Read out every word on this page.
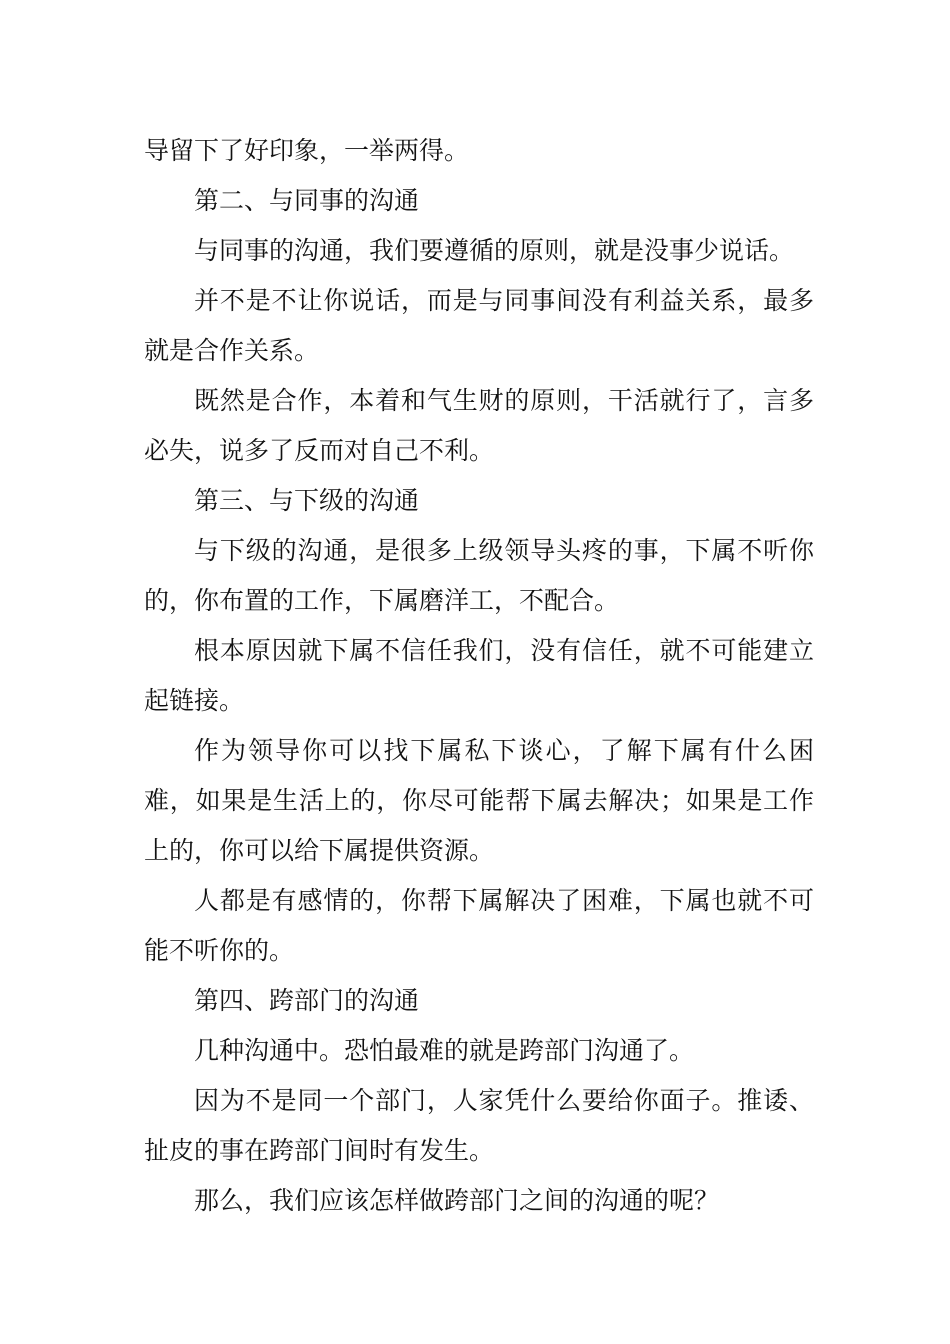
导留下了好印象，一举两得。

第二、与同事的沟通

与同事的沟通，我们要遵循的原则，就是没事少说话。

并不是不让你说话，而是与同事间没有利益关系，最多就是合作关系。

既然是合作，本着和气生财的原则，干活就行了，言多必失，说多了反而对自己不利。

第三、与下级的沟通

与下级的沟通，是很多上级领导头疼的事，下属不听你的，你布置的工作，下属磨洋工，不配合。

根本原因就下属不信任我们，没有信任，就不可能建立起链接。

作为领导你可以找下属私下谈心，了解下属有什么困难，如果是生活上的，你尽可能帮下属去解决；如果是工作上的，你可以给下属提供资源。

人都是有感情的，你帮下属解决了困难，下属也就不可能不听你的。

第四、跨部门的沟通

几种沟通中。恐怕最难的就是跨部门沟通了。

因为不是同一个部门，人家凭什么要给你面子。推诿、扯皮的事在跨部门间时有发生。

那么，我们应该怎样做跨部门之间的沟通的呢？
